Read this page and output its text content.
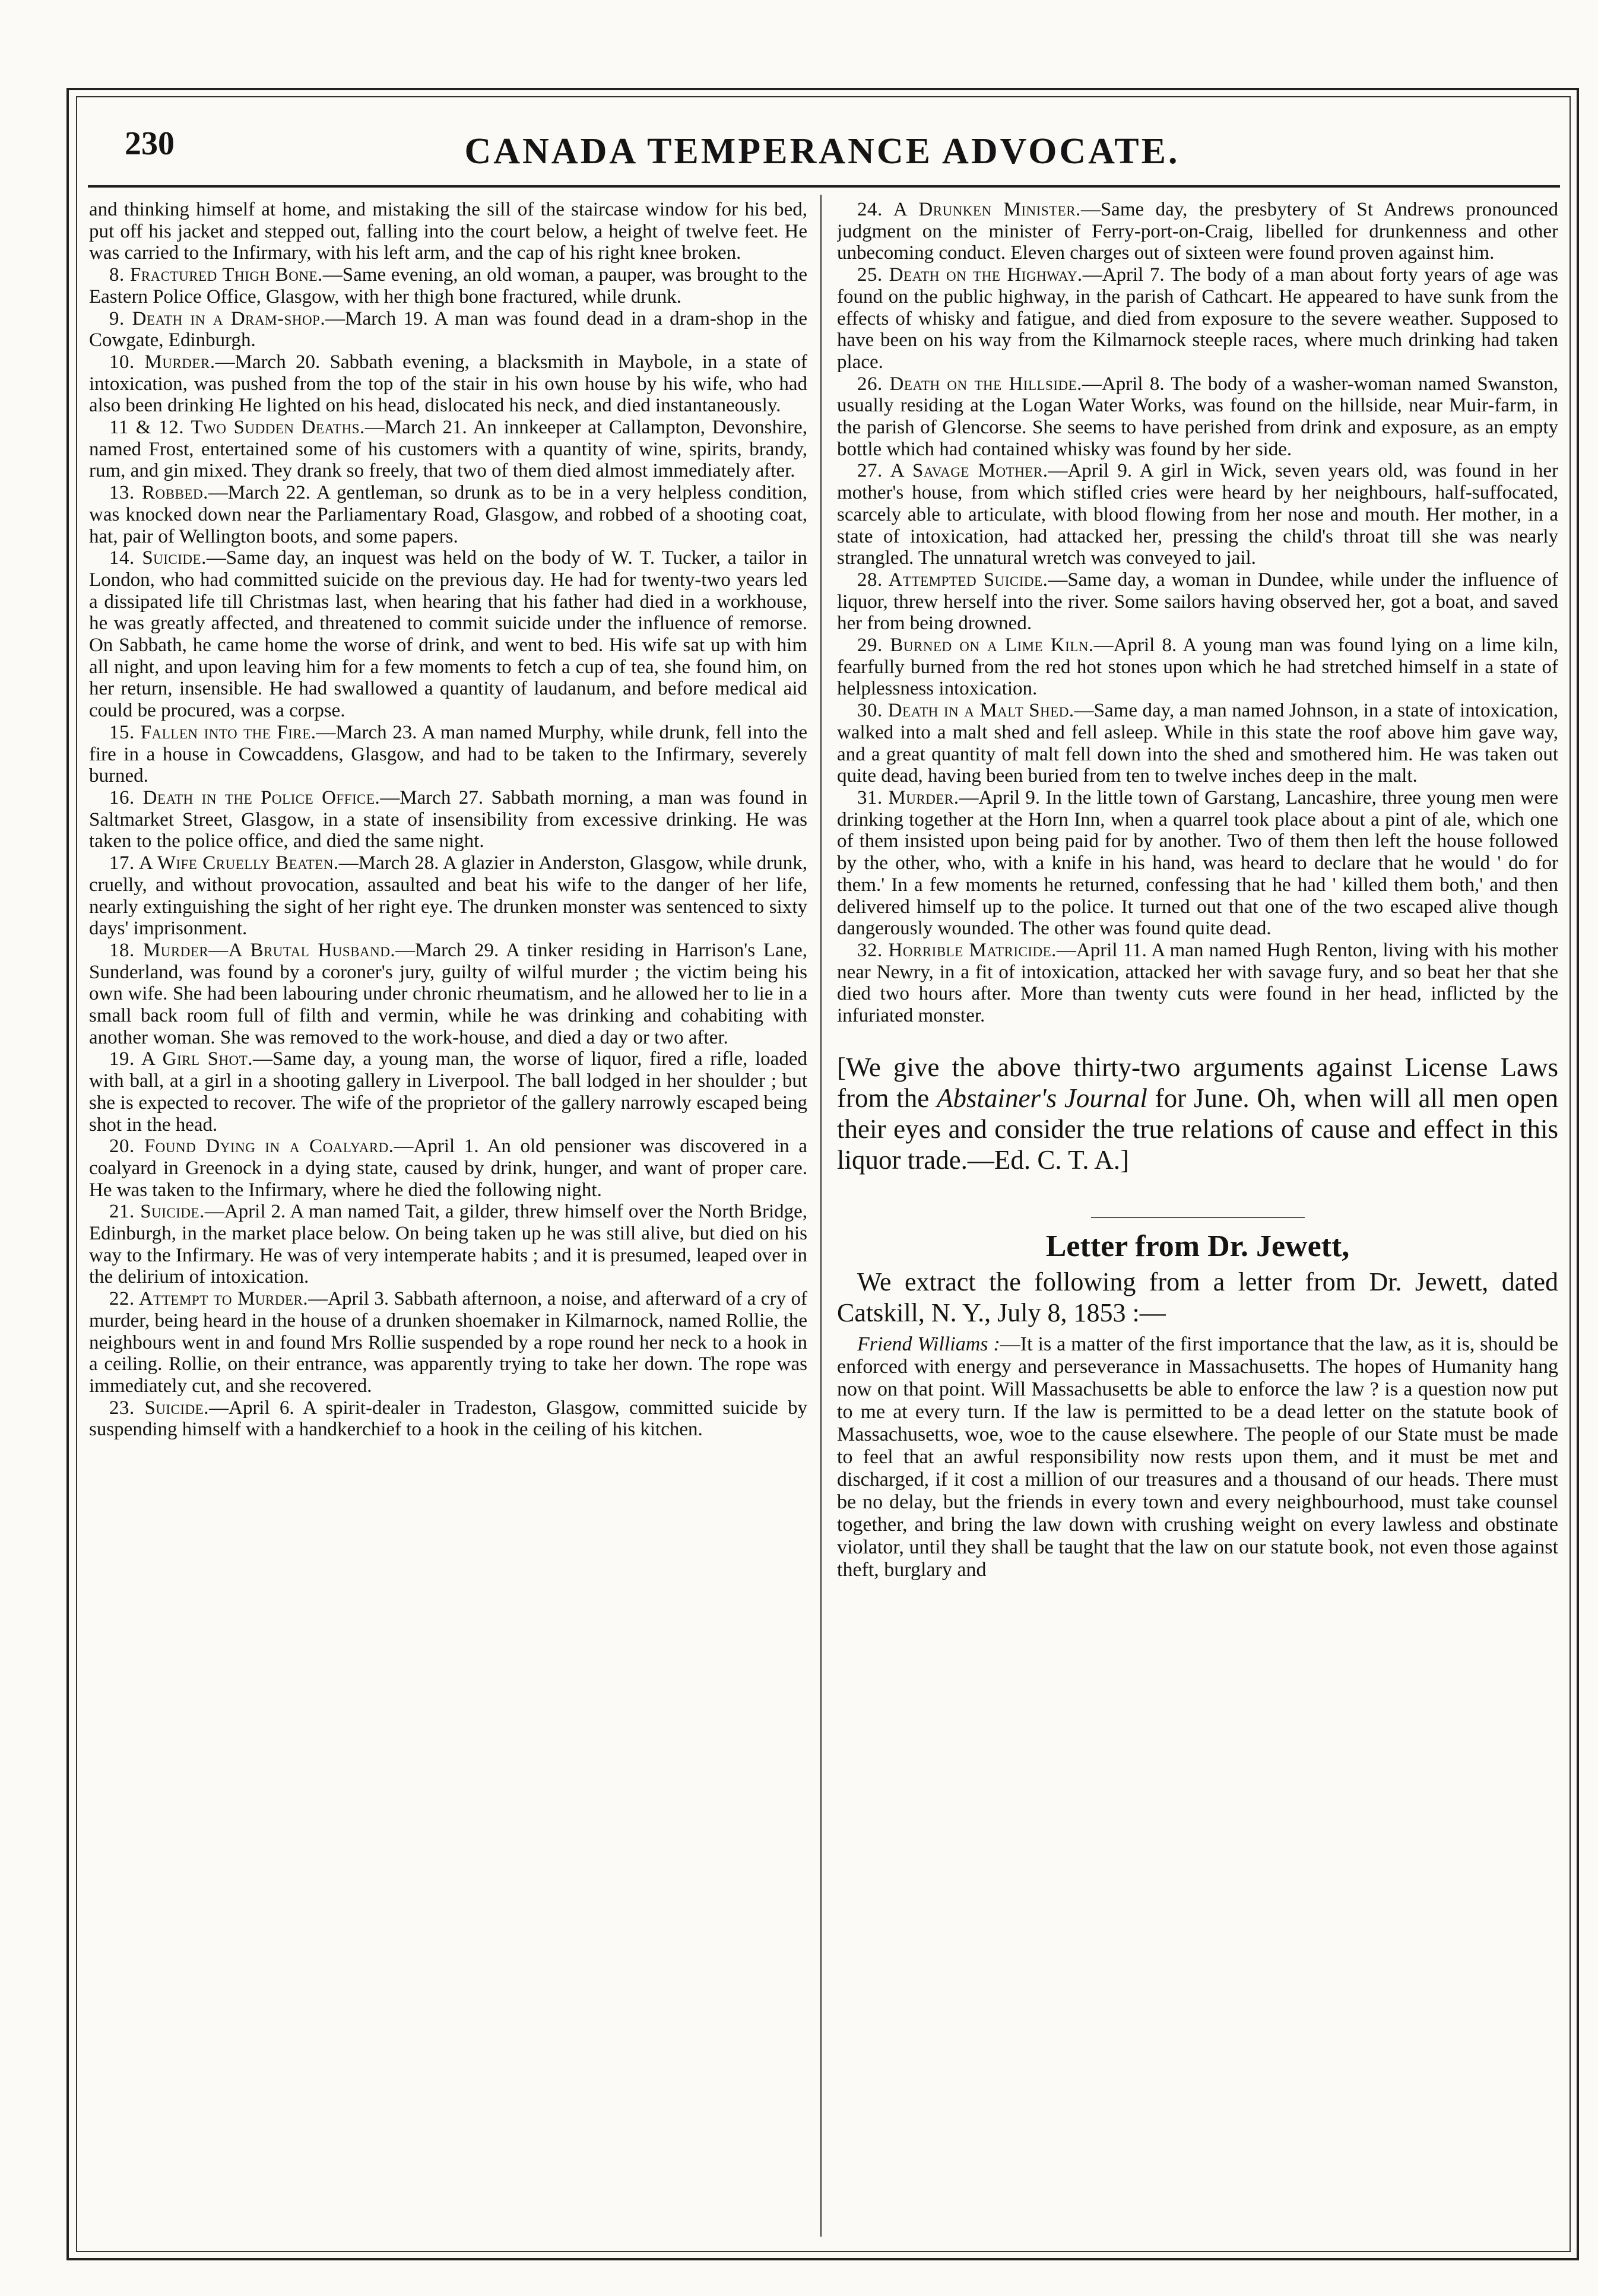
230	CANADA TEMPERANCE ADVOCATE.

and thinking himself at home, and mistaking the sill of the staircase window for his bed, put off his jacket and stepped out, falling into the court below, a height of twelve feet. He was carried to the Infirmary, with his left arm, and the cap of his right knee broken.

8. Fractured Thigh Bone.—Same evening, an old woman, a pauper, was brought to the Eastern Police Office, Glasgow, with her thigh bone fractured, while drunk.

9. Death in a Dram-shop.—March 19. A man was found dead in a dram-shop in the Cowgate, Edinburgh.

10. Murder.—March 20. Sabbath evening, a blacksmith in Maybole, in a state of intoxication, was pushed from the top of the stair in his own house by his wife, who had also been drinking He lighted on his head, dislocated his neck, and died instantaneously.

11 & 12. Two Sudden Deaths.—March 21. An innkeeper at Callampton, Devonshire, named Frost, entertained some of his customers with a quantity of wine, spirits, brandy, rum, and gin mixed. They drank so freely, that two of them died almost immediately after.

13. Robbed.—March 22. A gentleman, so drunk as to be in a very helpless condition, was knocked down near the Parliamentary Road, Glasgow, and robbed of a shooting coat, hat, pair of Wellington boots, and some papers.

14. Suicide.—Same day, an inquest was held on the body of W. T. Tucker, a tailor in London, who had committed suicide on the previous day. He had for twenty-two years led a dissipated life till Christmas last, when hearing that his father had died in a workhouse, he was greatly affected, and threatened to commit suicide under the influence of remorse. On Sabbath, he came home the worse of drink, and went to bed. His wife sat up with him all night, and upon leaving him for a few moments to fetch a cup of tea, she found him, on her return, insensible. He had swallowed a quantity of laudanum, and before medical aid could be procured, was a corpse.

15. Fallen into the Fire.—March 23. A man named Murphy, while drunk, fell into the fire in a house in Cowcaddens, Glasgow, and had to be taken to the Infirmary, severely burned.

16. Death in the Police Office.—March 27. Sabbath morning, a man was found in Saltmarket Street, Glasgow, in a state of insensibility from excessive drinking. He was taken to the police office, and died the same night.

17. A Wife Cruelly Beaten.—March 28. A glazier in Anderston, Glasgow, while drunk, cruelly, and without provocation, assaulted and beat his wife to the danger of her life, nearly extinguishing the sight of her right eye. The drunken monster was sentenced to sixty days' imprisonment.

18. Murder—A Brutal Husband.—March 29. A tinker residing in Harrison's Lane, Sunderland, was found by a coroner's jury, guilty of wilful murder ; the victim being his own wife. She had been labouring under chronic rheumatism, and he allowed her to lie in a small back room full of filth and vermin, while he was drinking and cohabiting with another woman. She was removed to the work-house, and died a day or two after.

19. A Girl Shot.—Same day, a young man, the worse of liquor, fired a rifle, loaded with ball, at a girl in a shooting gallery in Liverpool. The ball lodged in her shoulder ; but she is expected to recover. The wife of the proprietor of the gallery narrowly escaped being shot in the head.

20. Found Dying in a Coalyard.—April 1. An old pensioner was discovered in a coalyard in Greenock in a dying state, caused by drink, hunger, and want of proper care. He was taken to the Infirmary, where he died the following night.

21. Suicide.—April 2. A man named Tait, a gilder, threw himself over the North Bridge, Edinburgh, in the market place below. On being taken up he was still alive, but died on his way to the Infirmary. He was of very intemperate habits ; and it is presumed, leaped over in the delirium of intoxication.

22. Attempt to Murder.—April 3. Sabbath afternoon, a noise, and afterward of a cry of murder, being heard in the house of a drunken shoemaker in Kilmarnock, named Rollie, the neighbours went in and found Mrs Rollie suspended by a rope round her neck to a hook in a ceiling. Rollie, on their entrance, was apparently trying to take her down. The rope was immediately cut, and she recovered.

23. Suicide.—April 6. A spirit-dealer in Tradeston, Glasgow, committed suicide by suspending himself with a handkerchief to a hook in the ceiling of his kitchen.

24. A Drunken Minister.—Same day, the presbytery of St Andrews pronounced judgment on the minister of Ferry-port-on-Craig, libelled for drunkenness and other unbecoming conduct. Eleven charges out of sixteen were found proven against him.

25. Death on the Highway.—April 7. The body of a man about forty years of age was found on the public highway, in the parish of Cathcart. He appeared to have sunk from the effects of whisky and fatigue, and died from exposure to the severe weather. Supposed to have been on his way from the Kilmarnock steeple races, where much drinking had taken place.

26. Death on the Hillside.—April 8. The body of a washer-woman named Swanston, usually residing at the Logan Water Works, was found on the hillside, near Muir-farm, in the parish of Glencorse. She seems to have perished from drink and exposure, as an empty bottle which had contained whisky was found by her side.

27. A Savage Mother.—April 9. A girl in Wick, seven years old, was found in her mother's house, from which stifled cries were heard by her neighbours, half-suffocated, scarcely able to articulate, with blood flowing from her nose and mouth. Her mother, in a state of intoxication, had attacked her, pressing the child's throat till she was nearly strangled. The unnatural wretch was conveyed to jail.

28. Attempted Suicide.—Same day, a woman in Dundee, while under the influence of liquor, threw herself into the river. Some sailors having observed her, got a boat, and saved her from being drowned.

29. Burned on a Lime Kiln.—April 8. A young man was found lying on a lime kiln, fearfully burned from the red hot stones upon which he had stretched himself in a state of helplessness intoxication.

30. Death in a Malt Shed.—Same day, a man named Johnson, in a state of intoxication, walked into a malt shed and fell asleep. While in this state the roof above him gave way, and a great quantity of malt fell down into the shed and smothered him. He was taken out quite dead, having been buried from ten to twelve inches deep in the malt.

31. Murder.—April 9. In the little town of Garstang, Lancashire, three young men were drinking together at the Horn Inn, when a quarrel took place about a pint of ale, which one of them insisted upon being paid for by another. Two of them then left the house followed by the other, who, with a knife in his hand, was heard to declare that he would ' do for them.' In a few moments he returned, confessing that he had ' killed them both,' and then delivered himself up to the police. It turned out that one of the two escaped alive though dangerously wounded. The other was found quite dead.

32. Horrible Matricide.—April 11. A man named Hugh Renton, living with his mother near Newry, in a fit of intoxication, attacked her with savage fury, and so beat her that she died two hours after. More than twenty cuts were found in her head, inflicted by the infuriated monster.

[We give the above thirty-two arguments against License Laws from the Abstainer's Journal for June. Oh, when will all men open their eyes and consider the true relations of cause and effect in this liquor trade.—Ed. C. T. A.]

Letter from Dr. Jewett,

We extract the following from a letter from Dr. Jewett, dated Catskill, N. Y., July 8, 1853 :—

Friend Williams :—It is a matter of the first importance that the law, as it is, should be enforced with energy and perseverance in Massachusetts. The hopes of Humanity hang now on that point. Will Massachusetts be able to enforce the law ? is a question now put to me at every turn. If the law is permitted to be a dead letter on the statute book of Massachusetts, woe, woe to the cause elsewhere. The people of our State must be made to feel that an awful responsibility now rests upon them, and it must be met and discharged, if it cost a million of our treasures and a thousand of our heads. There must be no delay, but the friends in every town and every neighbourhood, must take counsel together, and bring the law down with crushing weight on every lawless and obstinate violator, until they shall be taught that the law on our statute book, not even those against theft, burglary and
